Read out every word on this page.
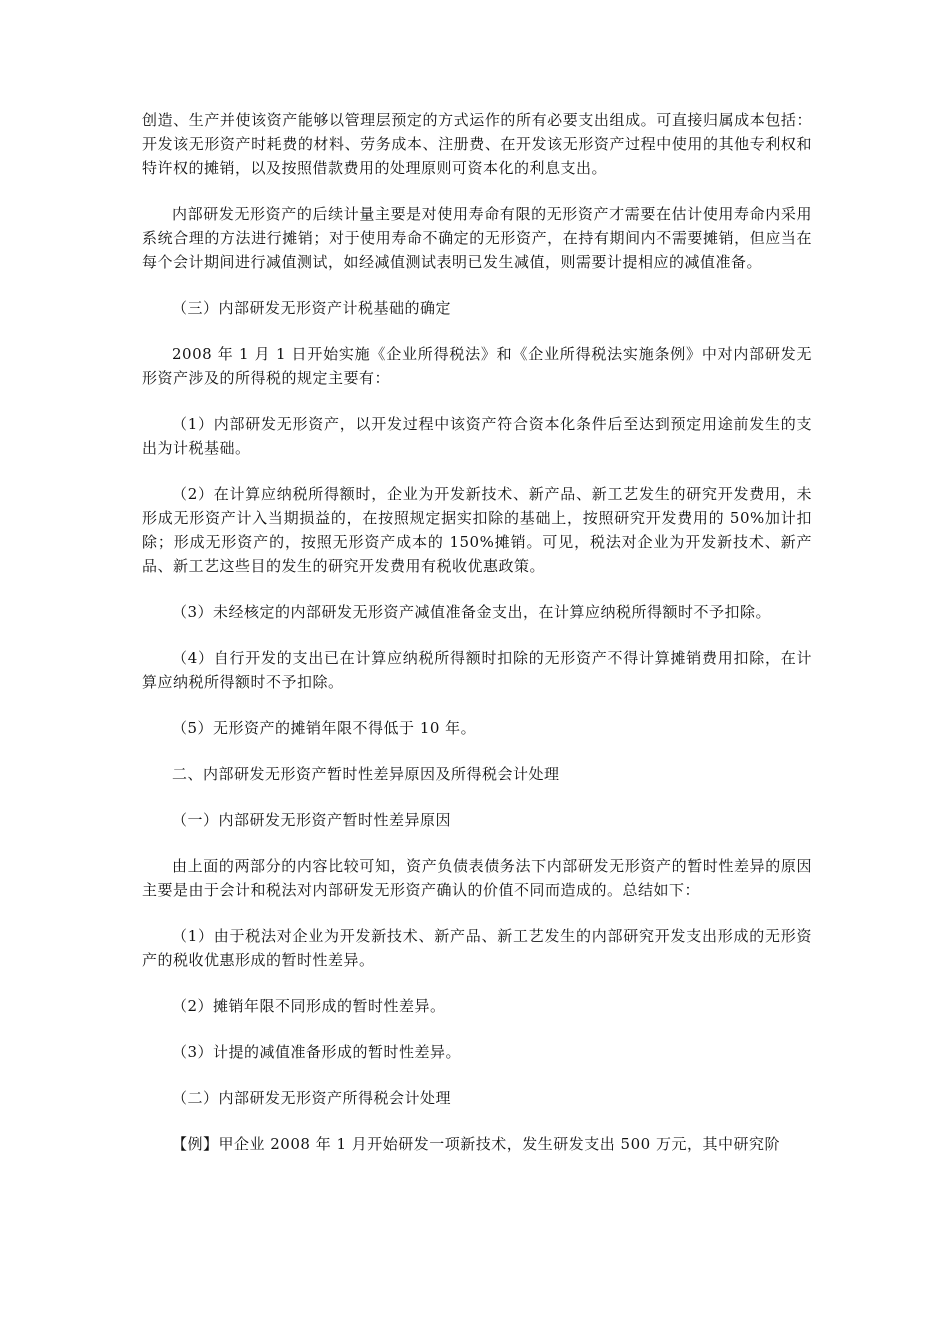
创造、生产并使该资产能够以管理层预定的方式运作的所有必要支出组成。可直接归属成本包括：开发该无形资产时耗费的材料、劳务成本、注册费、在开发该无形资产过程中使用的其他专利权和特许权的摊销，以及按照借款费用的处理原则可资本化的利息支出。

内部研发无形资产的后续计量主要是对使用寿命有限的无形资产才需要在估计使用寿命内采用系统合理的方法进行摊销；对于使用寿命不确定的无形资产，在持有期间内不需要摊销，但应当在每个会计期间进行减值测试，如经减值测试表明已发生减值，则需要计提相应的减值准备。

（三）内部研发无形资产计税基础的确定

2008 年 1 月 1 日开始实施《企业所得税法》和《企业所得税法实施条例》中对内部研发无形资产涉及的所得税的规定主要有：

（1）内部研发无形资产，以开发过程中该资产符合资本化条件后至达到预定用途前发生的支出为计税基础。

（2）在计算应纳税所得额时，企业为开发新技术、新产品、新工艺发生的研究开发费用，未形成无形资产计入当期损益的，在按照规定据实扣除的基础上，按照研究开发费用的 50%加计扣除；形成无形资产的，按照无形资产成本的 150%摊销。可见，税法对企业为开发新技术、新产品、新工艺这些目的发生的研究开发费用有税收优惠政策。

（3）未经核定的内部研发无形资产减值准备金支出，在计算应纳税所得额时不予扣除。

（4）自行开发的支出已在计算应纳税所得额时扣除的无形资产不得计算摊销费用扣除，在计算应纳税所得额时不予扣除。

（5）无形资产的摊销年限不得低于 10 年。

二、内部研发无形资产暂时性差异原因及所得税会计处理

（一）内部研发无形资产暂时性差异原因

由上面的两部分的内容比较可知，资产负债表债务法下内部研发无形资产的暂时性差异的原因主要是由于会计和税法对内部研发无形资产确认的价值不同而造成的。总结如下：

（1）由于税法对企业为开发新技术、新产品、新工艺发生的内部研究开发支出形成的无形资产的税收优惠形成的暂时性差异。

（2）摊销年限不同形成的暂时性差异。

（3）计提的减值准备形成的暂时性差异。

（二）内部研发无形资产所得税会计处理

【例】甲企业 2008 年 1 月开始研发一项新技术，发生研发支出 500 万元，其中研究阶
